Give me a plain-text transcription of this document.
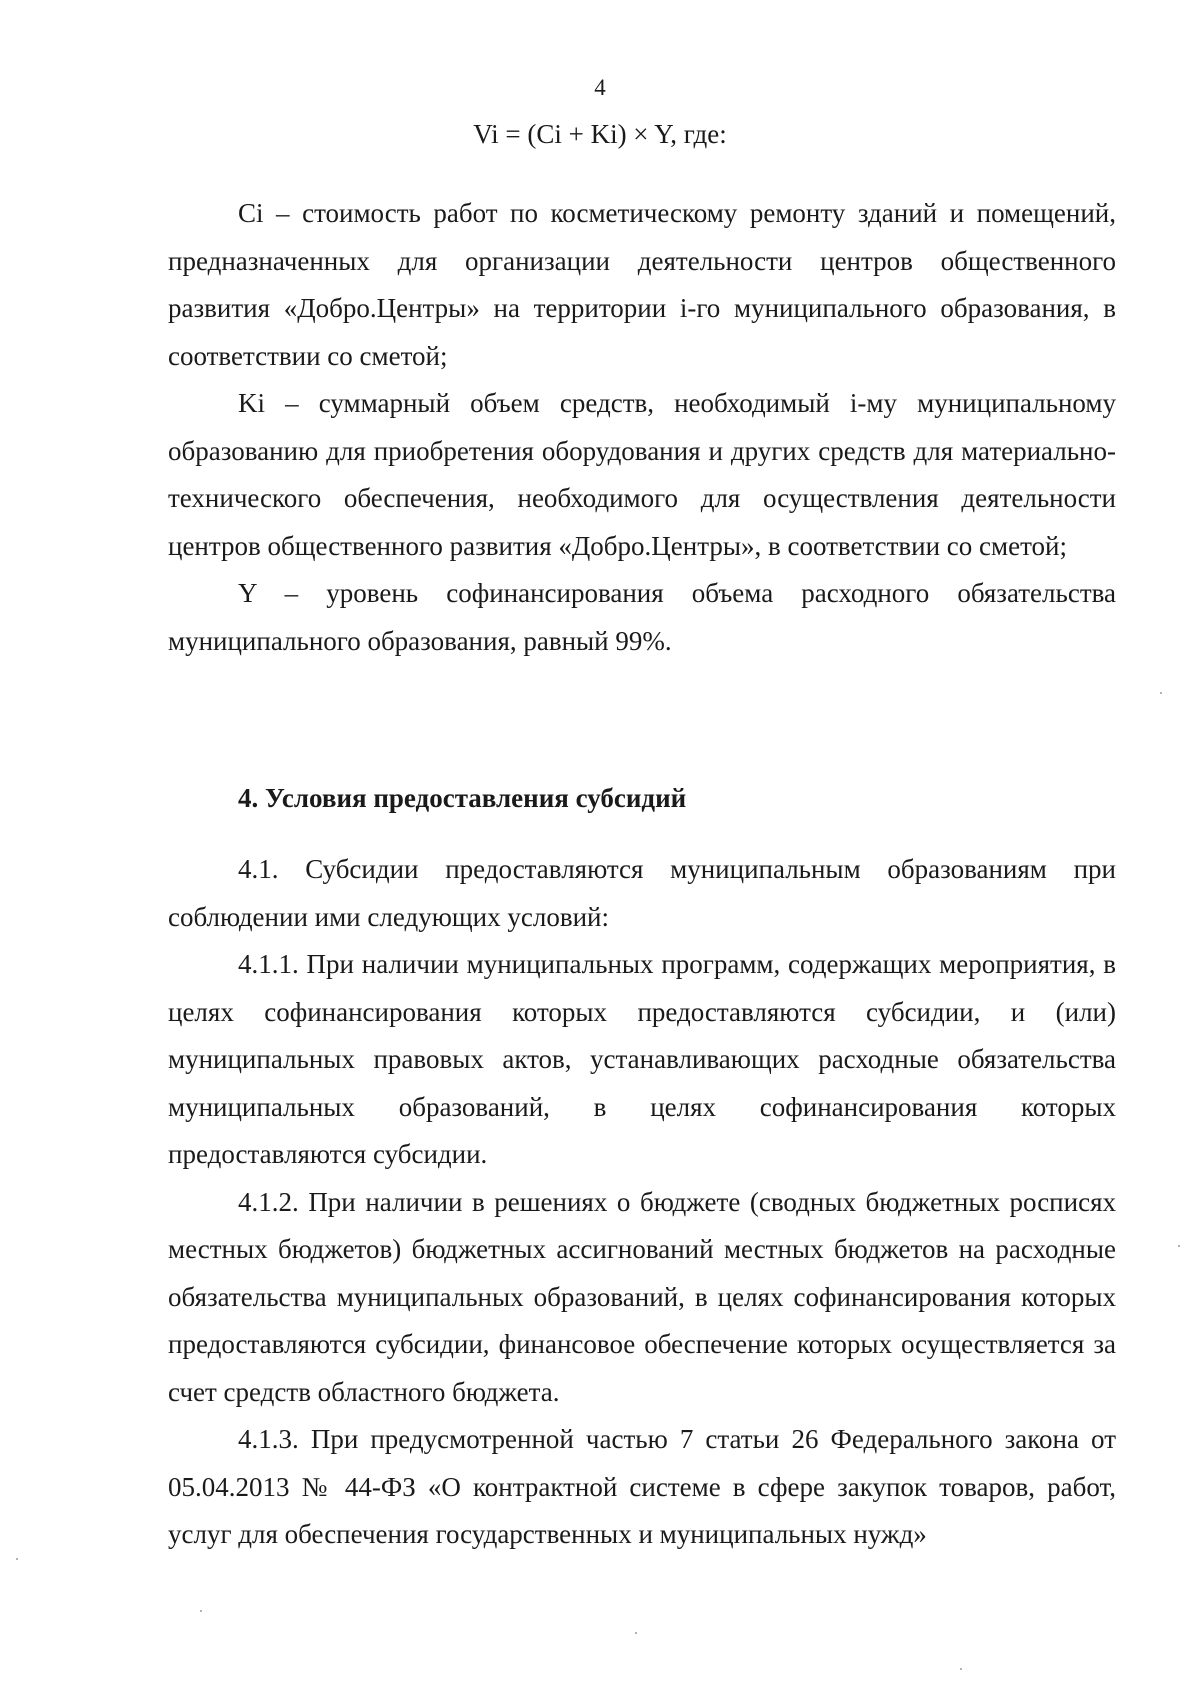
4
Vi = (Ci + Ki) × Y, где:

Ci – стоимость работ по косметическому ремонту зданий и помещений, предназначенных для организации деятельности центров общественного развития «Добро.Центры» на территории i-го муниципального образования, в соответствии со сметой;

Ki – суммарный объем средств, необходимый i-му муниципальному образованию для приобретения оборудования и других средств для материально-технического обеспечения, необходимого для осуществления деятельности центров общественного развития «Добро.Центры», в соответствии со сметой;

Y – уровень софинансирования объема расходного обязательства муниципального образования, равный 99%.

4. Условия предоставления субсидий

4.1. Субсидии предоставляются муниципальным образованиям при соблюдении ими следующих условий:

4.1.1. При наличии муниципальных программ, содержащих мероприятия, в целях софинансирования которых предоставляются субсидии, и (или) муниципальных правовых актов, устанавливающих расходные обязательства муниципальных образований, в целях софинансирования которых предоставляются субсидии.

4.1.2. При наличии в решениях о бюджете (сводных бюджетных росписях местных бюджетов) бюджетных ассигнований местных бюджетов на расходные обязательства муниципальных образований, в целях софинансирования которых предоставляются субсидии, финансовое обеспечение которых осуществляется за счет средств областного бюджета.

4.1.3. При предусмотренной частью 7 статьи 26 Федерального закона от 05.04.2013 № 44-ФЗ «О контрактной системе в сфере закупок товаров, работ, услуг для обеспечения государственных и муниципальных нужд»
